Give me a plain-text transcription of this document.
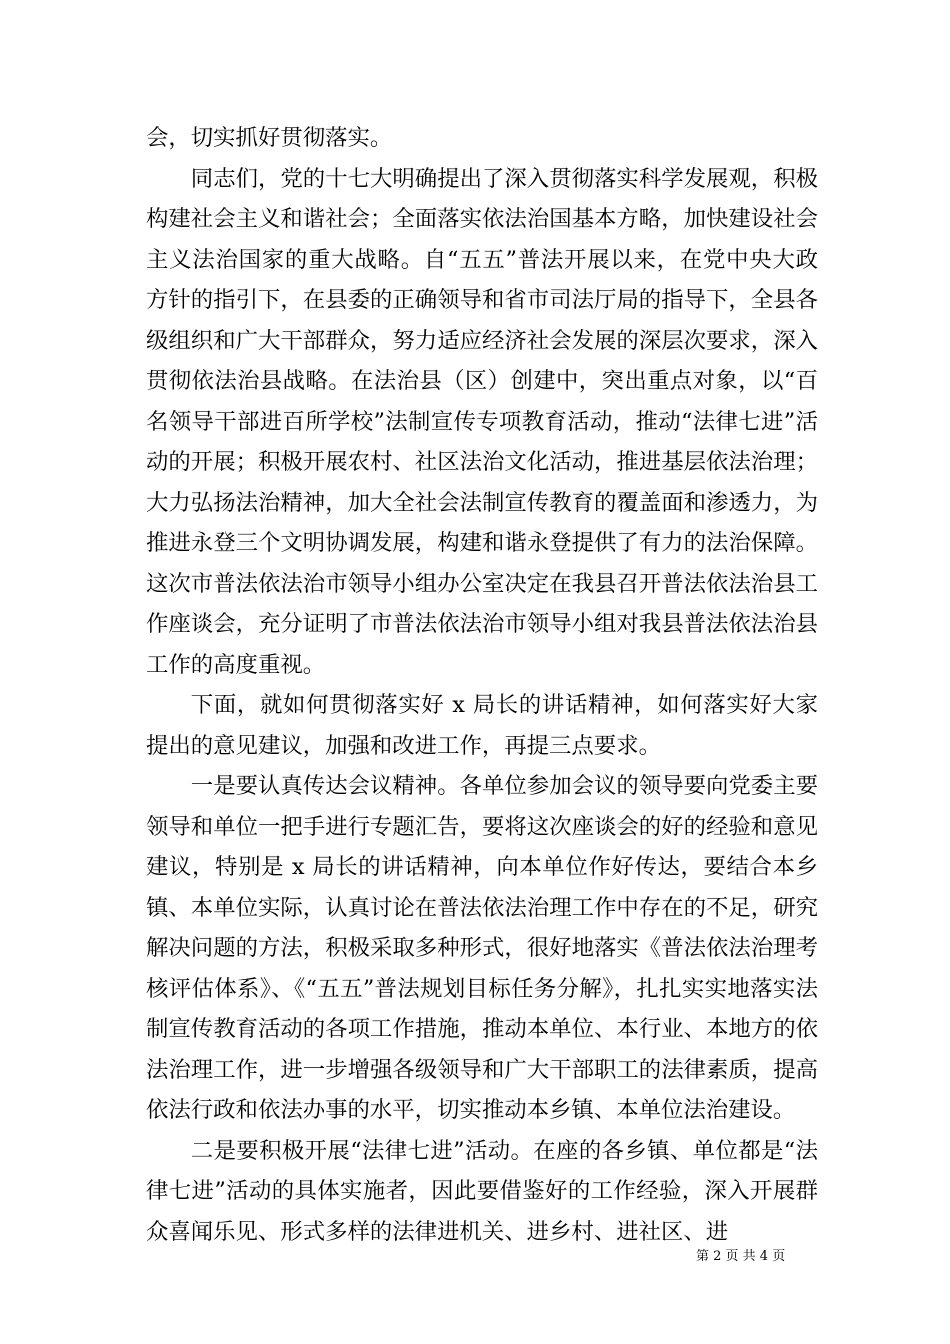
会，切实抓好贯彻落实。

同志们，党的十七大明确提出了深入贯彻落实科学发展观，积极构建社会主义和谐社会；全面落实依法治国基本方略，加快建设社会主义法治国家的重大战略。自“五五”普法开展以来，在党中央大政方针的指引下，在县委的正确领导和省市司法厅局的指导下，全县各级组织和广大干部群众，努力适应经济社会发展的深层次要求，深入贯彻依法治县战略。在法治县（区）创建中，突出重点对象，以“百名领导干部进百所学校”法制宣传专项教育活动，推动“法律七进”活动的开展；积极开展农村、社区法治文化活动，推进基层依法治理；大力弘扬法治精神，加大全社会法制宣传教育的覆盖面和渗透力，为推进永登三个文明协调发展，构建和谐永登提供了有力的法治保障。这次市普法依法治市领导小组办公室决定在我县召开普法依法治县工作座谈会，充分证明了市普法依法治市领导小组对我县普法依法治县工作的高度重视。

下面，就如何贯彻落实好 x 局长的讲话精神，如何落实好大家提出的意见建议，加强和改进工作，再提三点要求。

一是要认真传达会议精神。各单位参加会议的领导要向党委主要领导和单位一把手进行专题汇告，要将这次座谈会的好的经验和意见建议，特别是 x 局长的讲话精神，向本单位作好传达，要结合本乡镇、本单位实际，认真讨论在普法依法治理工作中存在的不足，研究解决问题的方法，积极采取多种形式，很好地落实《普法依法治理考核评估体系》、《“五五”普法规划目标任务分解》，扎扎实实地落实法制宣传教育活动的各项工作措施，推动本单位、本行业、本地方的依法治理工作，进一步增强各级领导和广大干部职工的法律素质，提高依法行政和依法办事的水平，切实推动本乡镇、本单位法治建设。

二是要积极开展“法律七进”活动。在座的各乡镇、单位都是“法律七进”活动的具体实施者，因此要借鉴好的工作经验，深入开展群众喜闻乐见、形式多样的法律进机关、进乡村、进社区、进

第 2 页 共 4 页
